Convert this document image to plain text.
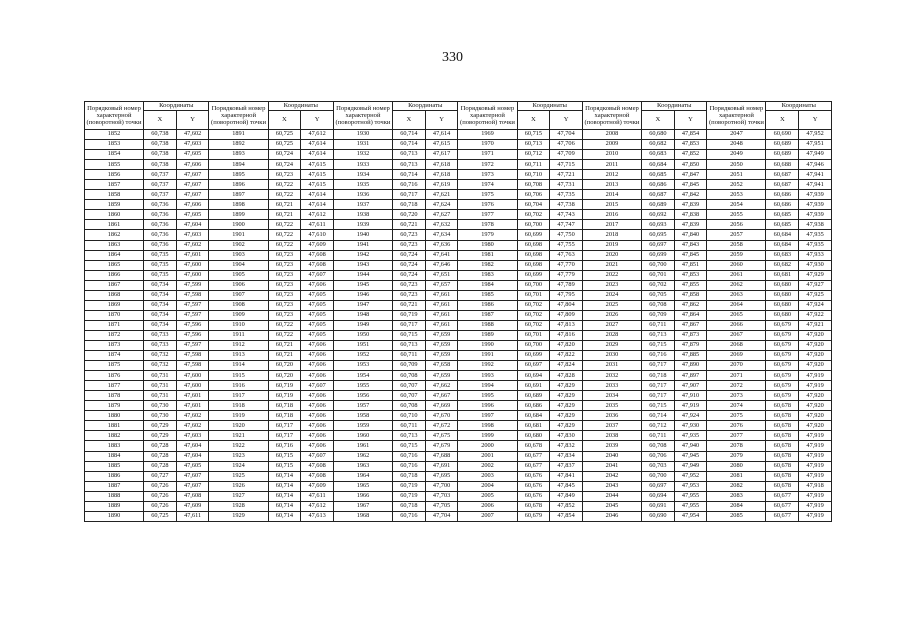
330
Порядковый номер характерной (поворотной) точки	Координаты		Порядковый номер характерной (поворотной) точки	Координаты		Порядковый номер характерной (поворотной) точки	Координаты		Порядковый номер характерной (поворотной) точки	Координаты		Порядковый номер характерной (поворотной) точки	Координаты		Порядковый номер характерной (поворотной) точки	Координаты	
	X	Y		X	Y		X	Y		X	Y		X	Y		X	Y
1852	60,738	47,602	1891	60,725	47,612	1930	60,714	47,614	1969	60,715	47,704	2008	60,680	47,854	2047	60,690	47,952
1853	60,738	47,603	1892	60,725	47,614	1931	60,714	47,615	1970	60,713	47,706	2009	60,682	47,853	2048	60,689	47,951
1854	60,738	47,605	1893	60,724	47,614	1932	60,713	47,617	1971	60,712	47,709	2010	60,683	47,852	2049	60,689	47,949
1855	60,738	47,606	1894	60,724	47,615	1933	60,713	47,618	1972	60,711	47,715	2011	60,684	47,850	2050	60,688	47,946
1856	60,737	47,607	1895	60,723	47,615	1934	60,714	47,618	1973	60,710	47,721	2012	60,685	47,847	2051	60,687	47,941
1857	60,737	47,607	1896	60,722	47,615	1935	60,716	47,619	1974	60,708	47,731	2013	60,686	47,845	2052	60,687	47,941
1858	60,737	47,607	1897	60,722	47,614	1936	60,717	47,621	1975	60,706	47,735	2014	60,687	47,842	2053	60,686	47,939
1859	60,736	47,606	1898	60,721	47,614	1937	60,718	47,624	1976	60,704	47,738	2015	60,689	47,839	2054	60,686	47,939
1860	60,736	47,605	1899	60,721	47,612	1938	60,720	47,627	1977	60,702	47,743	2016	60,692	47,838	2055	60,685	47,939
1861	60,736	47,604	1900	60,722	47,611	1939	60,721	47,632	1978	60,700	47,747	2017	60,693	47,839	2056	60,685	47,938
1862	60,736	47,603	1901	60,722	47,610	1940	60,723	47,634	1979	60,699	47,750	2018	60,695	47,840	2057	60,684	47,935
1863	60,736	47,602	1902	60,722	47,609	1941	60,723	47,636	1980	60,698	47,755	2019	60,697	47,843	2058	60,684	47,935
1864	60,735	47,601	1903	60,723	47,608	1942	60,724	47,641	1981	60,698	47,763	2020	60,699	47,845	2059	60,683	47,933
1865	60,735	47,600	1904	60,723	47,608	1943	60,724	47,646	1982	60,698	47,770	2021	60,700	47,851	2060	60,682	47,930
1866	60,735	47,600	1905	60,723	47,607	1944	60,724	47,651	1983	60,699	47,779	2022	60,701	47,853	2061	60,681	47,929
1867	60,734	47,599	1906	60,723	47,606	1945	60,723	47,657	1984	60,700	47,789	2023	60,702	47,855	2062	60,680	47,927
1868	60,734	47,598	1907	60,723	47,605	1946	60,723	47,661	1985	60,701	47,795	2024	60,705	47,858	2063	60,680	47,925
1869	60,734	47,597	1908	60,723	47,605	1947	60,721	47,661	1986	60,702	47,804	2025	60,708	47,862	2064	60,680	47,924
1870	60,734	47,597	1909	60,723	47,605	1948	60,719	47,661	1987	60,702	47,809	2026	60,709	47,864	2065	60,680	47,922
1871	60,734	47,596	1910	60,722	47,605	1949	60,717	47,661	1988	60,702	47,813	2027	60,711	47,867	2066	60,679	47,921
1872	60,733	47,596	1911	60,722	47,605	1950	60,715	47,659	1989	60,701	47,816	2028	60,713	47,873	2067	60,679	47,920
1873	60,733	47,597	1912	60,721	47,606	1951	60,713	47,659	1990	60,700	47,820	2029	60,715	47,879	2068	60,679	47,920
1874	60,732	47,598	1913	60,721	47,606	1952	60,711	47,659	1991	60,699	47,822	2030	60,716	47,885	2069	60,679	47,920
1875	60,732	47,598	1914	60,720	47,606	1953	60,709	47,658	1992	60,697	47,824	2031	60,717	47,890	2070	60,679	47,920
1876	60,731	47,600	1915	60,720	47,606	1954	60,708	47,659	1993	60,694	47,828	2032	60,718	47,897	2071	60,679	47,919
1877	60,731	47,600	1916	60,719	47,607	1955	60,707	47,662	1994	60,691	47,829	2033	60,717	47,907	2072	60,679	47,919
1878	60,731	47,601	1917	60,719	47,606	1956	60,707	47,667	1995	60,689	47,829	2034	60,717	47,910	2073	60,679	47,920
1879	60,730	47,601	1918	60,718	47,606	1957	60,708	47,669	1996	60,686	47,829	2035	60,715	47,919	2074	60,678	47,920
1880	60,730	47,602	1919	60,718	47,606	1958	60,710	47,670	1997	60,684	47,829	2036	60,714	47,924	2075	60,678	47,920
1881	60,729	47,602	1920	60,717	47,606	1959	60,711	47,672	1998	60,681	47,829	2037	60,712	47,930	2076	60,678	47,920
1882	60,729	47,603	1921	60,717	47,606	1960	60,713	47,675	1999	60,680	47,830	2038	60,711	47,935	2077	60,678	47,919
1883	60,728	47,604	1922	60,716	47,606	1961	60,715	47,679	2000	60,678	47,832	2039	60,708	47,940	2078	60,678	47,919
1884	60,728	47,604	1923	60,715	47,607	1962	60,716	47,688	2001	60,677	47,834	2040	60,706	47,945	2079	60,678	47,919
1885	60,728	47,605	1924	60,715	47,608	1963	60,716	47,691	2002	60,677	47,837	2041	60,703	47,949	2080	60,678	47,919
1886	60,727	47,607	1925	60,714	47,608	1964	60,718	47,695	2003	60,676	47,841	2042	60,700	47,952	2081	60,678	47,919
1887	60,726	47,607	1926	60,714	47,609	1965	60,719	47,700	2004	60,676	47,845	2043	60,697	47,953	2082	60,678	47,918
1888	60,726	47,608	1927	60,714	47,611	1966	60,719	47,703	2005	60,676	47,849	2044	60,694	47,955	2083	60,677	47,919
1889	60,726	47,609	1928	60,714	47,612	1967	60,718	47,705	2006	60,678	47,852	2045	60,691	47,955	2084	60,677	47,919
1890	60,725	47,611	1929	60,714	47,613	1968	60,716	47,704	2007	60,679	47,854	2046	60,690	47,954	2085	60,677	47,919
